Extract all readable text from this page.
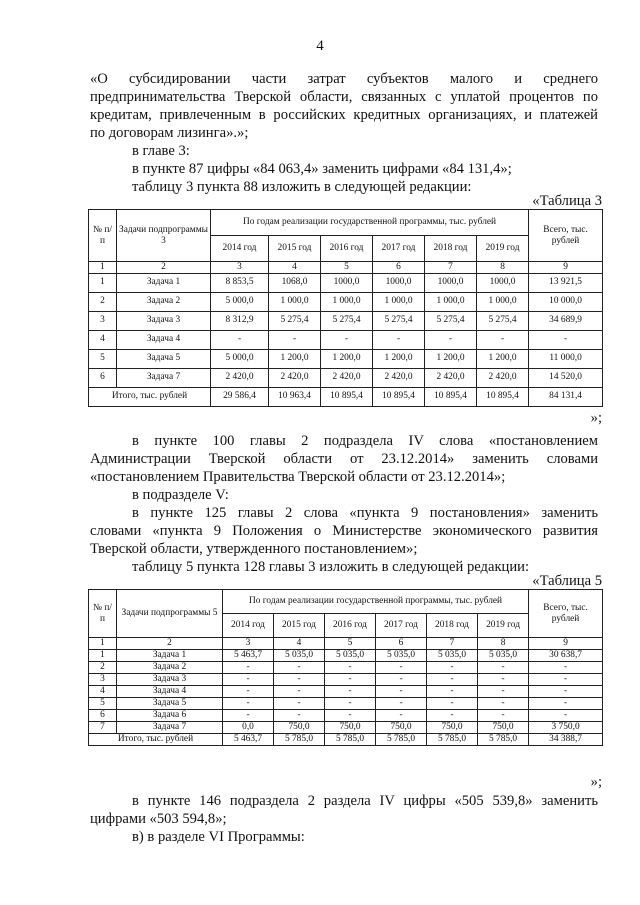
4
«О субсидировании части затрат субъектов малого и среднего
предпринимательства Тверской области, связанных с уплатой процентов по
кредитам, привлеченным в российских кредитных организациях, и платежей
по договорам лизинга».»;
в главе 3:
в пункте 87 цифры «84 063,4» заменить цифрами «84 131,4»;
таблицу 3 пункта 88 изложить в следующей редакции:
«Таблица 3
№ п/п	Задачи подпрограммы 3	По годам реализации государственной программы, тыс. рублей						Всего, тыс. рублей
		2014 год	2015 год	2016 год	2017 год	2018 год	2019 год	
1	2	3	4	5	6	7	8	9
1	Задача 1	8 853,5	1068,0	1000,0	1000,0	1000,0	1000,0	13 921,5
2	Задача 2	5 000,0	1 000,0	1 000,0	1 000,0	1 000,0	1 000,0	10 000,0
3	Задача 3	8 312,9	5 275,4	5 275,4	5 275,4	5 275,4	5 275,4	34 689,9
4	Задача 4	-	-	-	-	-	-	-
5	Задача 5	5 000,0	1 200,0	1 200,0	1 200,0	1 200,0	1 200,0	11 000,0
6	Задача 7	2 420,0	2 420,0	2 420,0	2 420,0	2 420,0	2 420,0	14 520,0
Итого, тыс. рублей		29 586,4	10 963,4	10 895,4	10 895,4	10 895,4	10 895,4	84 131,4
»;
в пункте 100 главы 2 подраздела IV слова «постановлением
Администрации Тверской области от 23.12.2014» заменить словами
«постановлением Правительства Тверской области от 23.12.2014»;
в подразделе V:
в пункте 125 главы 2 слова «пункта 9 постановления» заменить
словами «пункта 9 Положения о Министерстве экономического развития
Тверской области, утвержденного постановлением»;
таблицу 5 пункта 128 главы 3 изложить в следующей редакции:
«Таблица 5
№ п/п	Задачи подпрограммы 5	По годам реализации государственной программы, тыс. рублей						Всего, тыс. рублей
		2014 год	2015 год	2016 год	2017 год	2018 год	2019 год	
1	2	3	4	5	6	7	8	9
1	Задача 1	5 463,7	5 035,0	5 035,0	5 035,0	5 035,0	5 035,0	30 638,7
2	Задача 2	-	-	-	-	-	-	-
3	Задача 3	-	-	-	-	-	-	-
4	Задача 4	-	-	-	-	-	-	-
5	Задача 5	-	-	-	-	-	-	-
6	Задача 6	-	-	-	-	-	-	-
7	Задача 7	0,0	750,0	750,0	750,0	750,0	750,0	3 750,0
Итого, тыс. рублей		5 463,7	5 785,0	5 785,0	5 785,0	5 785,0	5 785,0	34 388,7
»;
в пункте 146 подраздела 2 раздела IV цифры «505 539,8» заменить
цифрами «503 594,8»;
в) в разделе VI Программы:
